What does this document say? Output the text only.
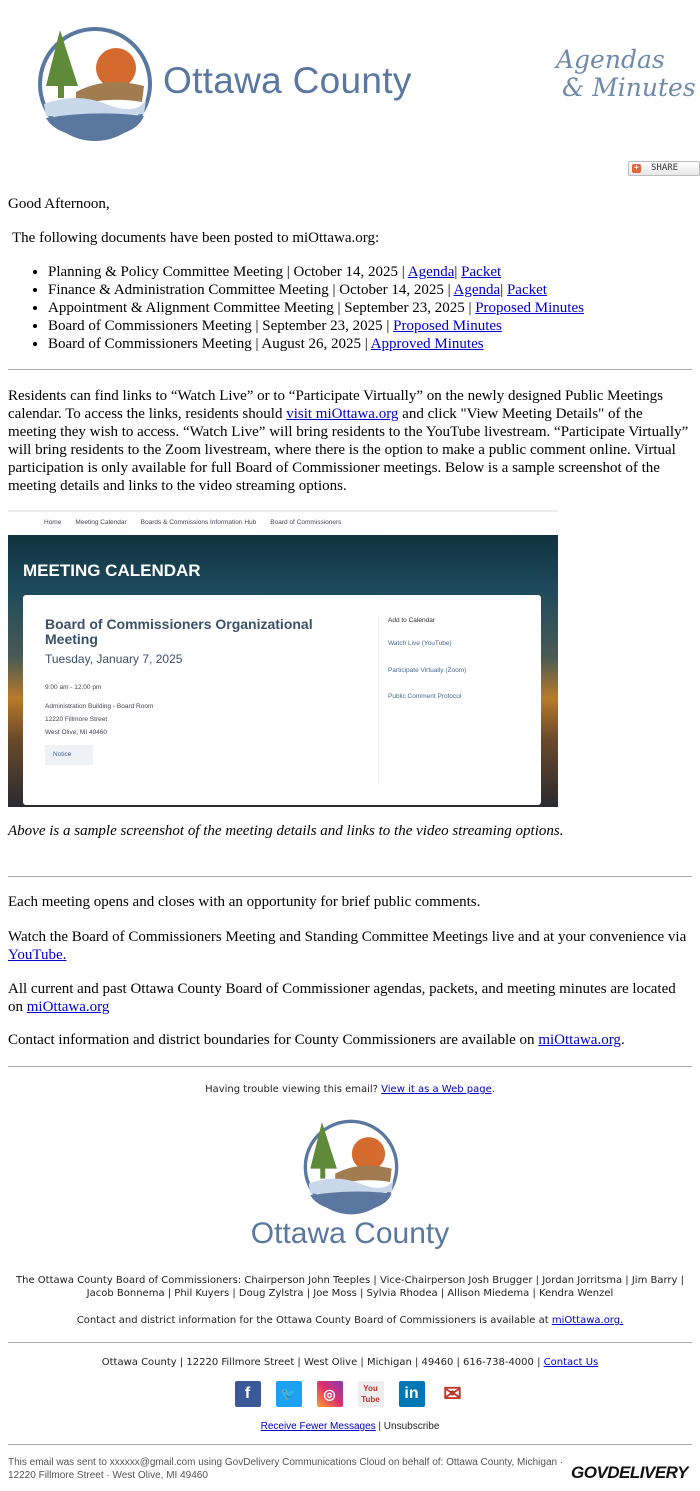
Ottawa County
Agendas
& Minutes
+ SHARE

Good Afternoon,

The following documents have been posted to miOttawa.org:

• Planning & Policy Committee Meeting | October 14, 2025 | Agenda| Packet
• Finance & Administration Committee Meeting | October 14, 2025 | Agenda| Packet
• Appointment & Alignment Committee Meeting | September 23, 2025 | Proposed Minutes
• Board of Commissioners Meeting | September 23, 2025 | Proposed Minutes
• Board of Commissioners Meeting | August 26, 2025 | Approved Minutes

Residents can find links to “Watch Live” or to “Participate Virtually” on the newly designed Public Meetings calendar. To access the links, residents should visit miOttawa.org and click "View Meeting Details" of the meeting they wish to access. “Watch Live” will bring residents to the YouTube livestream. “Participate Virtually” will bring residents to the Zoom livestream, where there is the option to make a public comment online. Virtual participation is only available for full Board of Commissioner meetings. Below is a sample screenshot of the meeting details and links to the video streaming options.

Home Meeting Calendar Boards & Commissions Information Hub Board of Commissioners
MEETING CALENDAR
Board of Commissioners Organizational Meeting
Tuesday, January 7, 2025
9:00 am - 12:00 pm
Administration Building - Board Room
12220 Fillmore Street
West Olive, MI 49460
Notice
Add to Calendar
Watch Live (YouTube)
Participate Virtually (Zoom)
Public Comment Protocol

Above is a sample screenshot of the meeting details and links to the video streaming options.

Each meeting opens and closes with an opportunity for brief public comments.

Watch the Board of Commissioners Meeting and Standing Committee Meetings live and at your convenience via YouTube.

All current and past Ottawa County Board of Commissioner agendas, packets, and meeting minutes are located on miOttawa.org

Contact information and district boundaries for County Commissioners are available on miOttawa.org.

Having trouble viewing this email? View it as a Web page.
Ottawa County
The Ottawa County Board of Commissioners: Chairperson John Teeples | Vice-Chairperson Josh Brugger | Jordan Jorritsma | Jim Barry | Jacob Bonnema | Phil Kuyers | Doug Zylstra | Joe Moss | Sylvia Rhodea | Allison Miedema | Kendra Wenzel
Contact and district information for the Ottawa County Board of Commissioners is available at miOttawa.org.
Ottawa County | 12220 Fillmore Street | West Olive | Michigan | 49460 | 616-738-4000 | Contact Us
f	🐦	◎	You
Tube	in ✉
Receive Fewer Messages | Unsubscribe
This email was sent to xxxxxx@gmail.com using GovDelivery Communications Cloud on behalf of: Ottawa County, Michigan · 12220 Fillmore Street · West Olive, MI 49460	GOVDELIVERY
